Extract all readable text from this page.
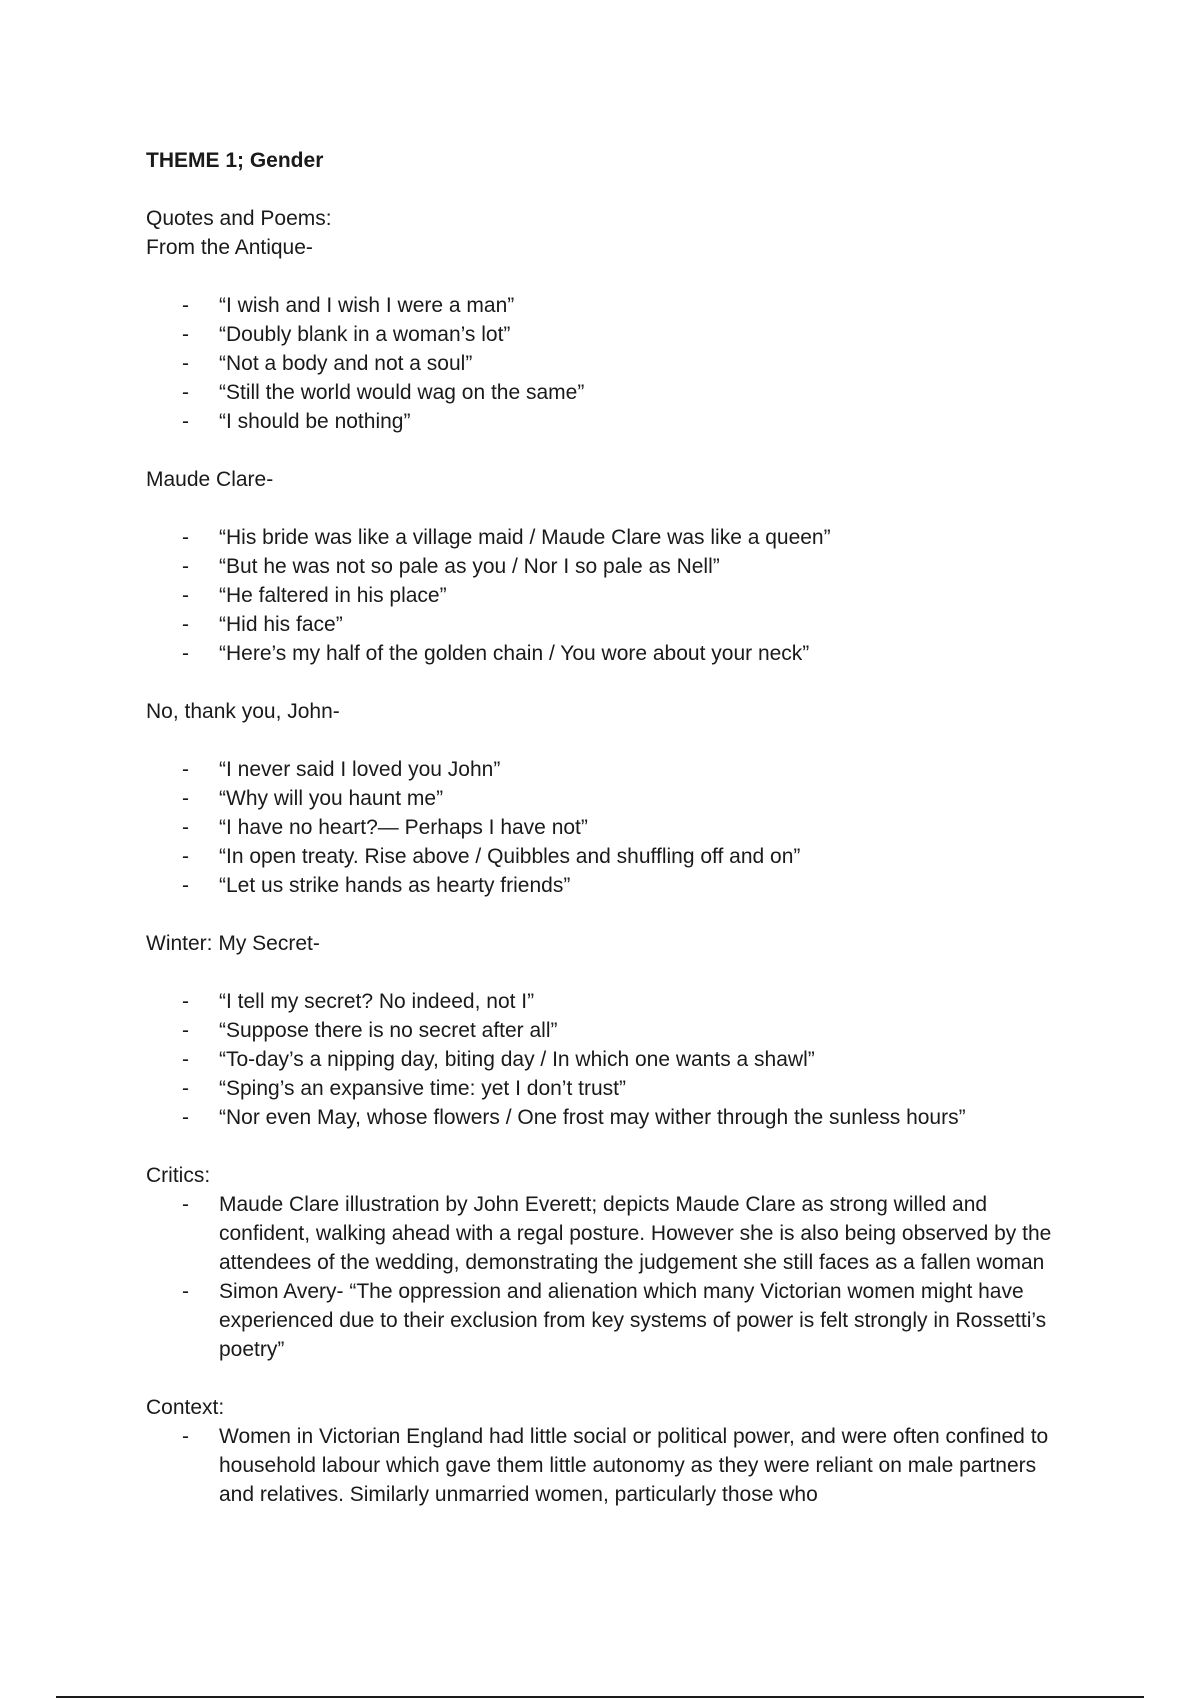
THEME 1; Gender

Quotes and Poems:

From the Antique-

- “I wish and I wish I were a man”
- “Doubly blank in a woman’s lot”
- “Not a body and not a soul”
- “Still the world would wag on the same”
- “I should be nothing”

Maude Clare-

- “His bride was like a village maid / Maude Clare was like a queen”
- “But he was not so pale as you / Nor I so pale as Nell”
- “He faltered in his place”
- “Hid his face”
- “Here’s my half of the golden chain / You wore about your neck”

No, thank you, John-

- “I never said I loved you John”
- “Why will you haunt me”
- “I have no heart?— Perhaps I have not”
- “In open treaty. Rise above / Quibbles and shuffling off and on”
- “Let us strike hands as hearty friends”

Winter: My Secret-

- “I tell my secret? No indeed, not I”
- “Suppose there is no secret after all”
- “To-day’s a nipping day, biting day / In which one wants a shawl”
- “Sping’s an expansive time: yet I don’t trust”
- “Nor even May, whose flowers / One frost may wither through the sunless hours”

Critics:

- Maude Clare illustration by John Everett; depicts Maude Clare as strong willed and confident, walking ahead with a regal posture. However she is also being observed by the attendees of the wedding, demonstrating the judgement she still faces as a fallen woman
- Simon Avery- “The oppression and alienation which many Victorian women might have experienced due to their exclusion from key systems of power is felt strongly in Rossetti’s poetry”

Context:

- Women in Victorian England had little social or political power, and were often confined to household labour which gave them little autonomy as they were reliant on male partners and relatives. Similarly unmarried women, particularly those who
